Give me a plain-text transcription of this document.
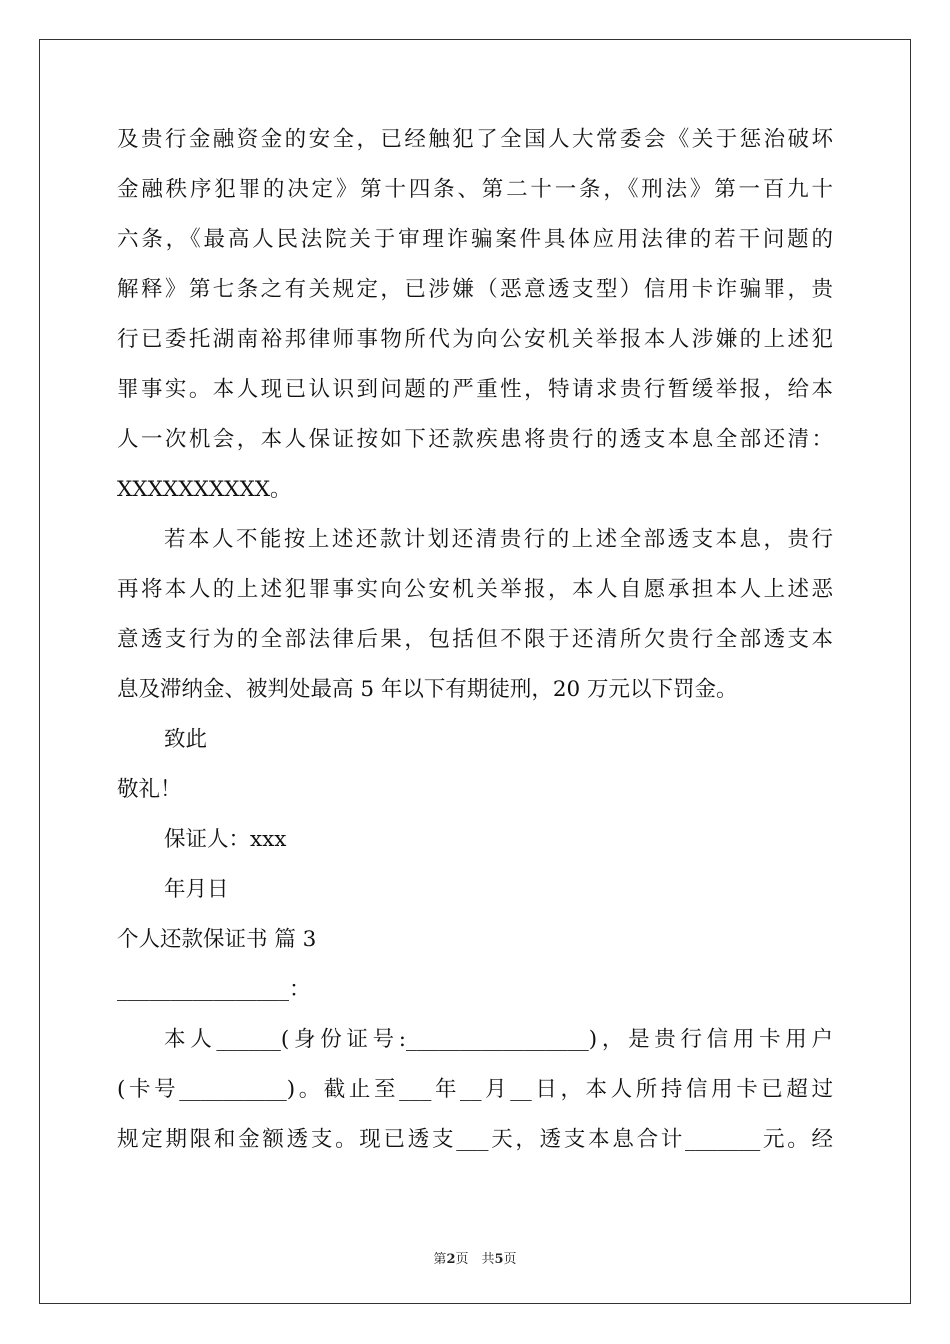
及贵行金融资金的安全，已经触犯了全国人大常委会《关于惩治破坏
金融秩序犯罪的决定》第十四条、第二十一条，《刑法》第一百九十
六条，《最高人民法院关于审理诈骗案件具体应用法律的若干问题的
解释》第七条之有关规定，已涉嫌（恶意透支型）信用卡诈骗罪，贵
行已委托湖南裕邦律师事物所代为向公安机关举报本人涉嫌的上述犯
罪事实。本人现已认识到问题的严重性，特请求贵行暂缓举报，给本
人一次机会，本人保证按如下还款疾患将贵行的透支本息全部还清：
XXXXXXXXXX。
若本人不能按上述还款计划还清贵行的上述全部透支本息，贵行
再将本人的上述犯罪事实向公安机关举报，本人自愿承担本人上述恶
意透支行为的全部法律后果，包括但不限于还清所欠贵行全部透支本
息及滞纳金、被判处最高 5 年以下有期徒刑，20 万元以下罚金。
致此
敬礼！
保证人：xxx
年月日
个人还款保证书 篇 3
________________：
本人______(身份证号:_________________)，是贵行信用卡用户
(卡号__________)。截止至___年__月__日，本人所持信用卡已超过
规定期限和金额透支。现已透支___天，透支本息合计_______元。经
第2页　共5页
